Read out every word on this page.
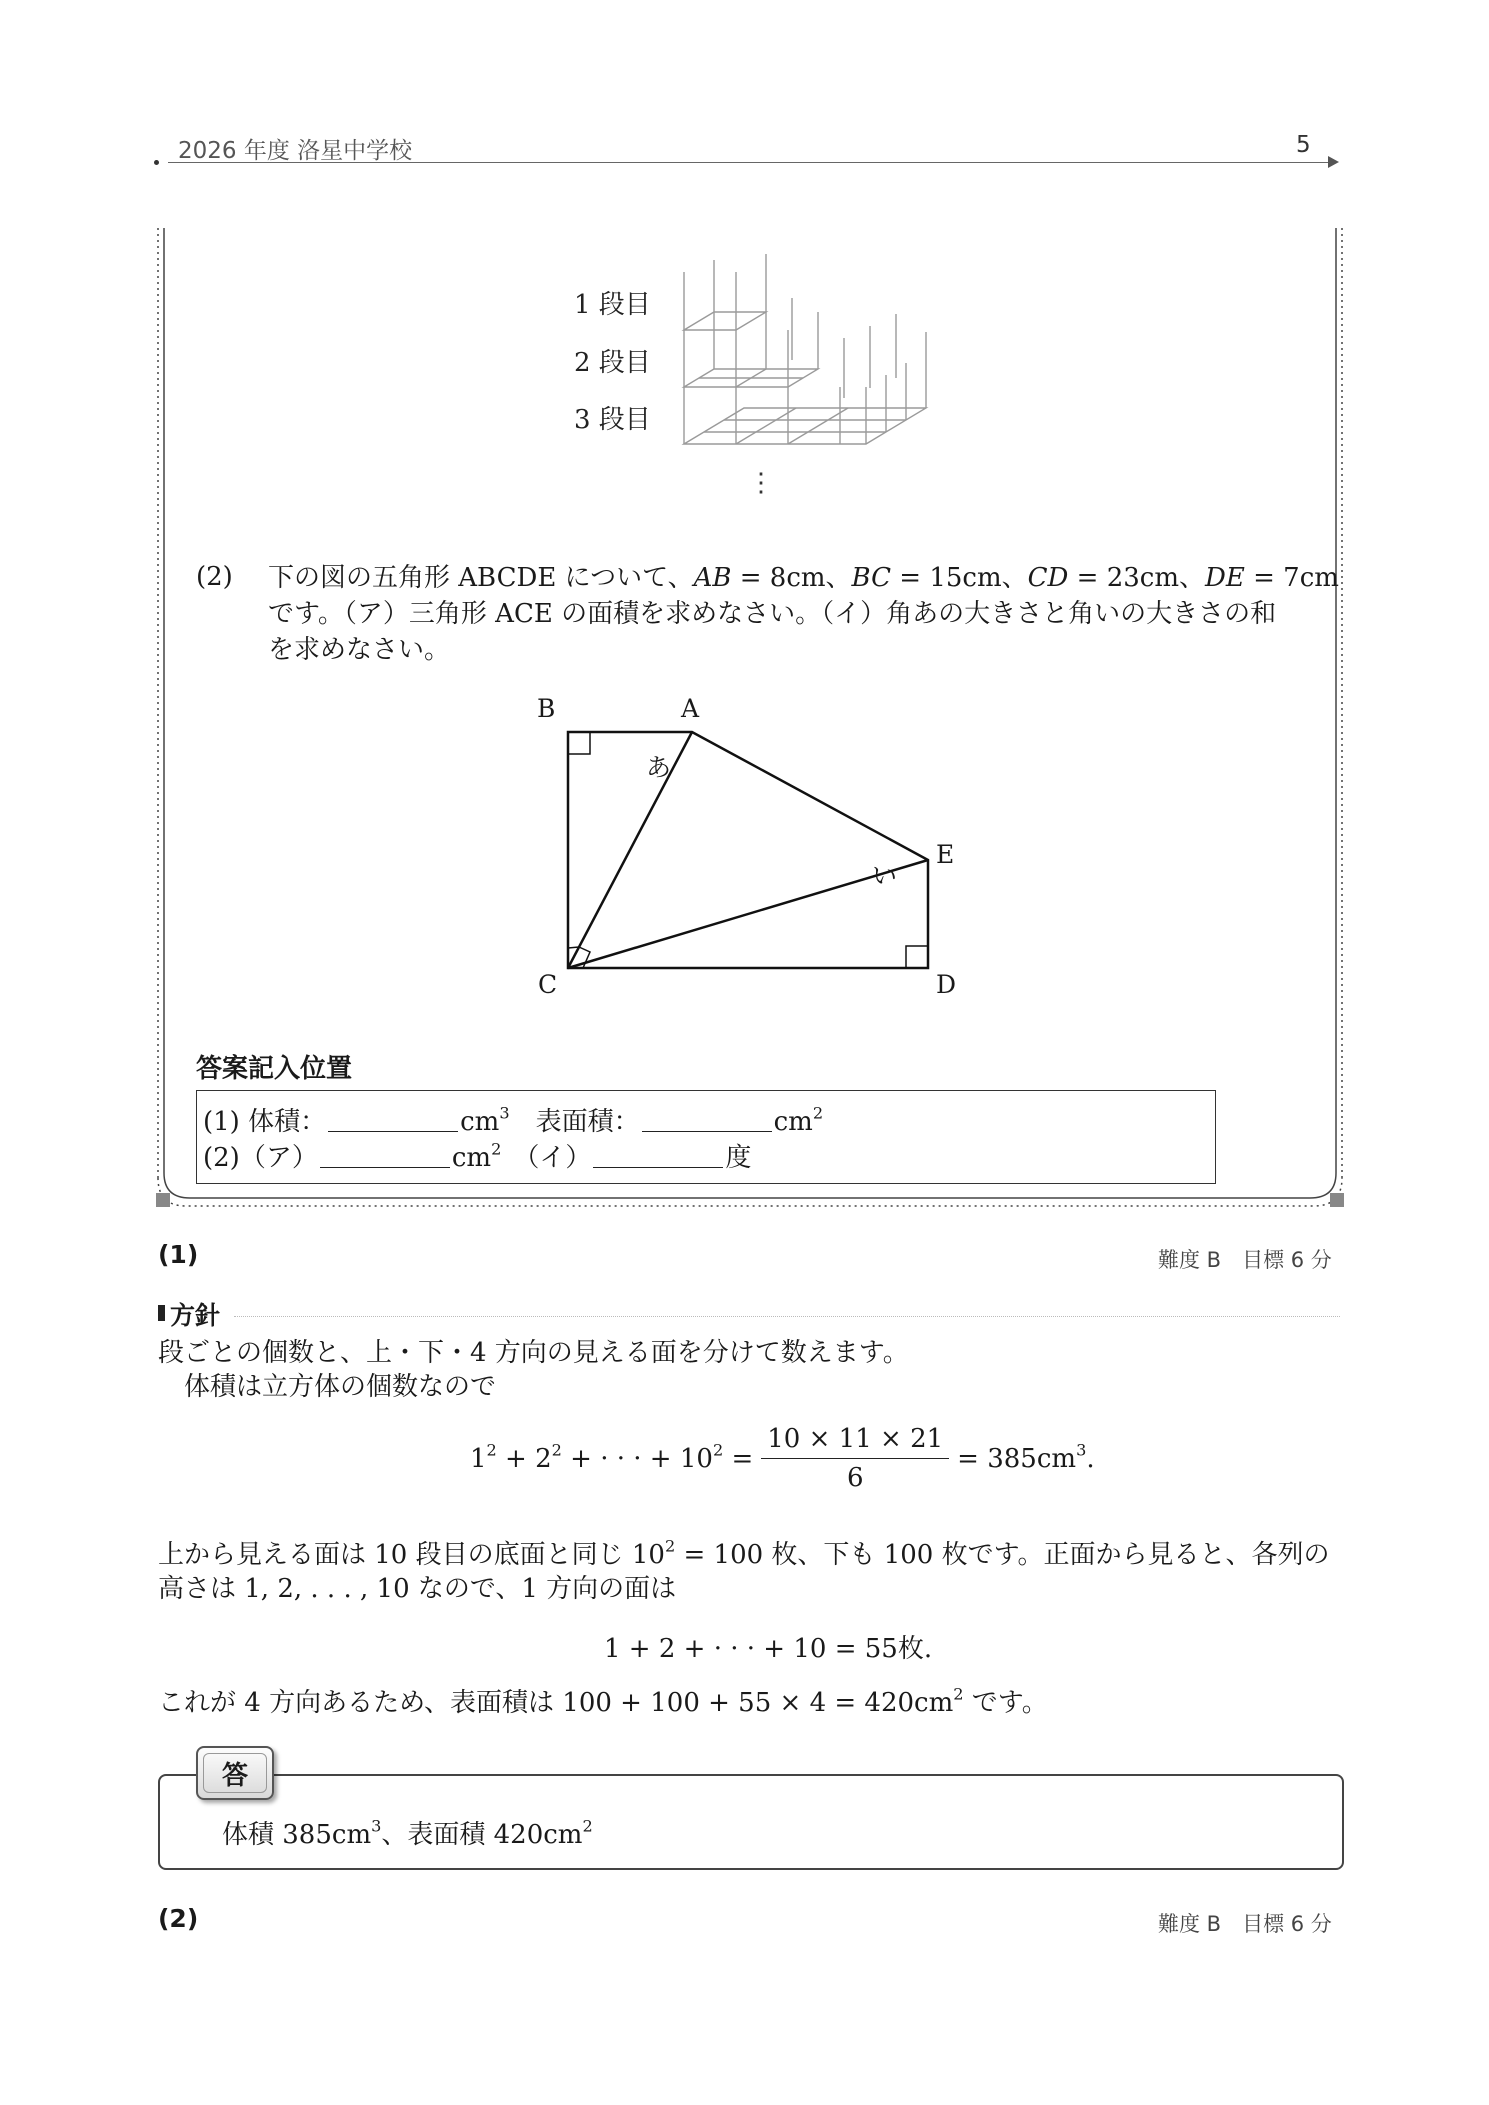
2026 年度 洛星中学校	5
1 段目
2 段目
3 段目
⋮
(2) 下の図の五角形 ABCDE について、AB = 8cm、BC = 15cm、CD = 23cm、DE = 7cm
です。（ア）三角形 ACE の面積を求めなさい。（イ）角あの大きさと角いの大きさの和
を求めなさい。
B	A
E
C	D
あ
い
答案記入位置
(1) 体積：	$cm^3$　表面積：	$cm^2$
(2)（ア）	$cm^2$ （イ）	度
(1)	難度 B　目標 6 分
方針
段ごとの個数と、上・下・4 方向の見える面を分けて数えます。
体積は立方体の個数なので
$1^2 + 2^2$ + · · · + $10^2 = \frac{10 \times 11 \times 21}{6} = 385cm^3$.
上から見える面は 10 段目の底面と同じ $10^2 = 100$ 枚、下も 100 枚です。正面から見ると、各列の
高さは 1, 2, . . . , 10 なので、1 方向の面は
1 + 2 + · · · + 10 = 55枚.
これが 4 方向あるため、表面積は $100 + 100 + 55 \times 4 = 420cm^2$ です。
答
体積 $385cm^3$、表面積 $420cm^2$
(2)	難度 B　目標 6 分
